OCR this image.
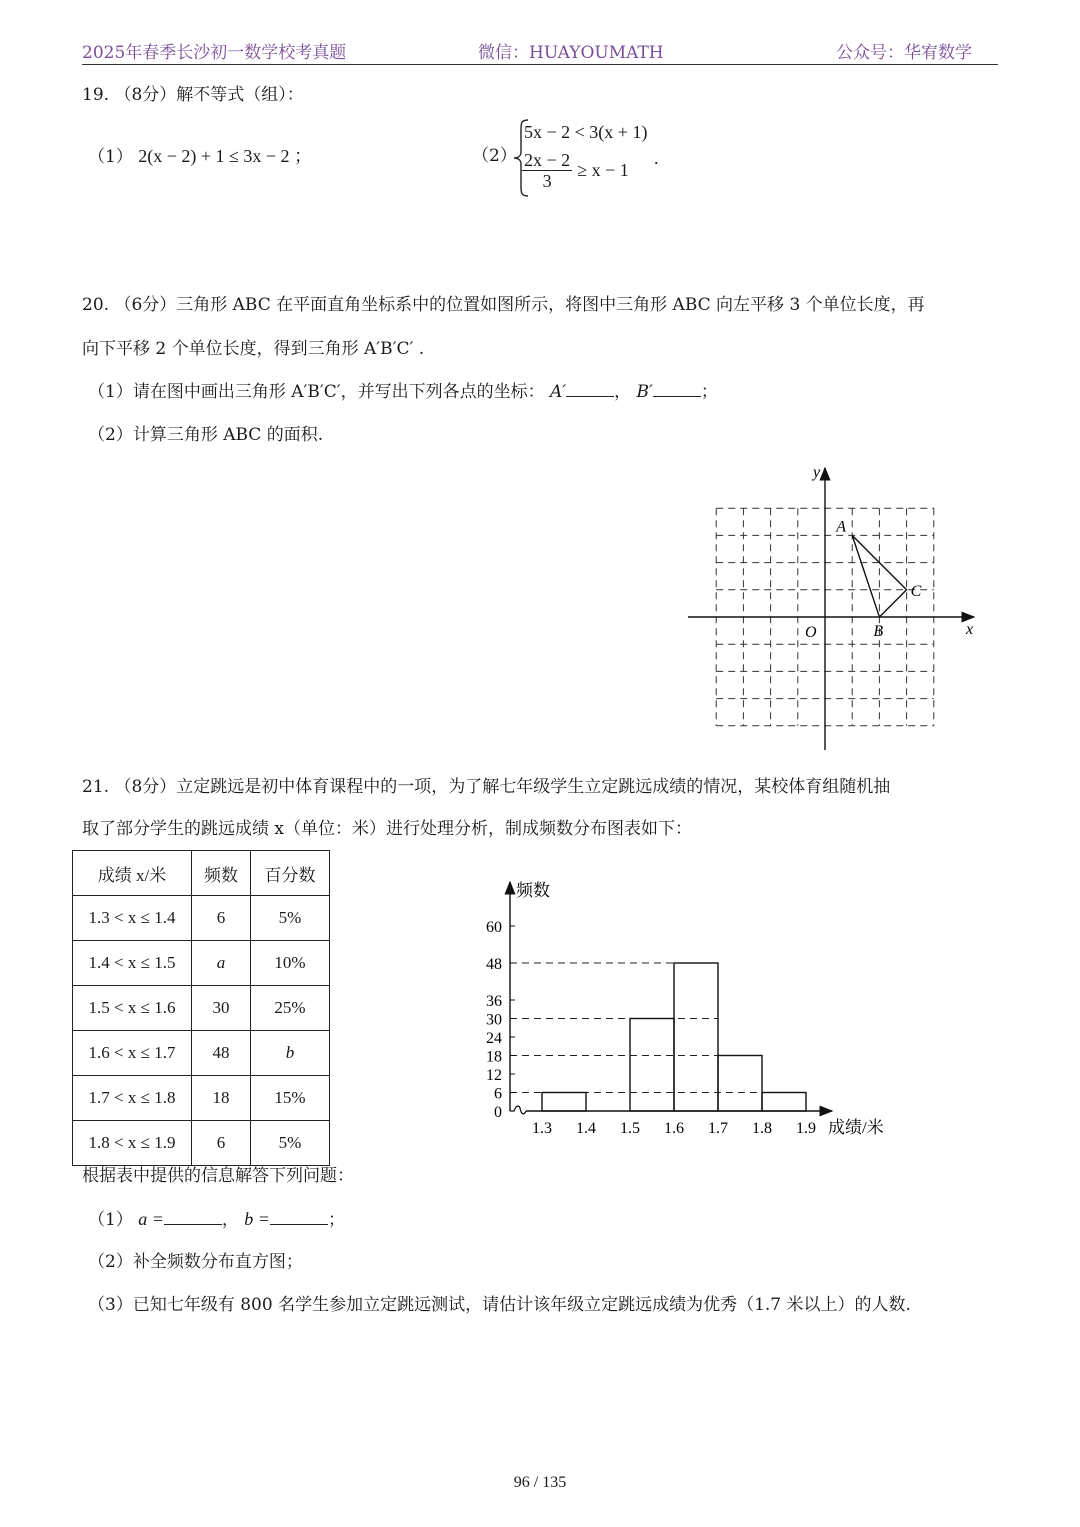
2025年春季长沙初一数学校考真题	微信：HUAYOUMATH	公众号：华宥数学
19. （8分）解不等式（组）：
（1） 2(x − 2) + 1 ≤ 3x − 2 ；	（2）
5x − 2 < 3(x + 1)
$\frac{2x - 2}{3} \ge x - 1$
.
20. （6分）三角形 ABC 在平面直角坐标系中的位置如图所示，将图中三角形 ABC 向左平移 3 个单位长度，再
向下平移 2 个单位长度，得到三角形 A′B′C′ .
（1）请在图中画出三角形 A′B′C′，并写出下列各点的坐标： A′	， B′	；
（2）计算三角形 ABC 的面积.
y
x
O
A
B
C
21. （8分）立定跳远是初中体育课程中的一项，为了解七年级学生立定跳远成绩的情况，某校体育组随机抽
取了部分学生的跳远成绩 x（单位：米）进行处理分析，制成频数分布图表如下：
成绩 x/米	频数	百分数
1.3 < x ≤ 1.4	6	5%
1.4 < x ≤ 1.5	a	10%
1.5 < x ≤ 1.6	30	25%
1.6 < x ≤ 1.7	48	b
1.7 < x ≤ 1.8	18	15%
1.8 < x ≤ 1.9	6	5%
0
6
12
18
24
30
36
48
60
1.3 1.4 1.5 1.6 1.7 1.8 1.9
频数
成绩/米
根据表中提供的信息解答下列问题：
（1） a =	， b =	；
（2）补全频数分布直方图；
（3）已知七年级有 800 名学生参加立定跳远测试，请估计该年级立定跳远成绩为优秀（1.7 米以上）的人数.
96 / 135
